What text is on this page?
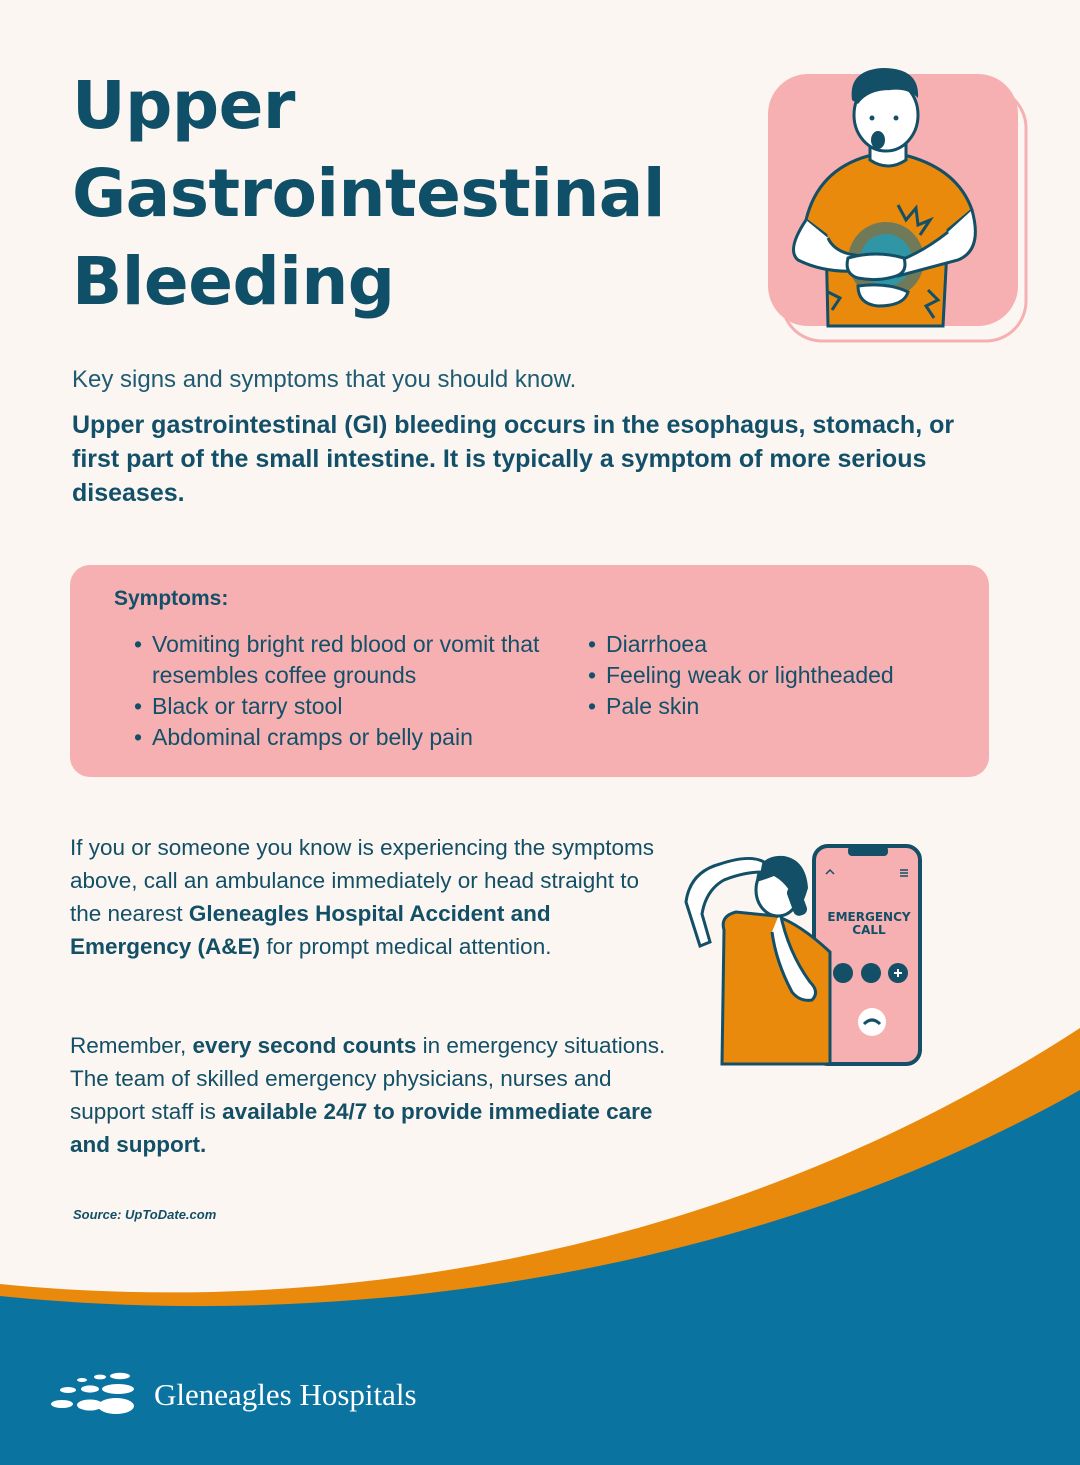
Upper
Gastrointestinal
Bleeding

Key signs and symptoms that you should know.

Upper gastrointestinal (GI) bleeding occurs in the esophagus, stomach, or first part of the small intestine. It is typically a symptom of more serious diseases.

Symptoms:
• Vomiting bright red blood or vomit that resembles coffee grounds
• Black or tarry stool
• Abdominal cramps or belly pain
• Diarrhoea
• Feeling weak or lightheaded
• Pale skin

If you or someone you know is experiencing the symptoms above, call an ambulance immediately or head straight to the nearest Gleneagles Hospital Accident and Emergency (A&E) for prompt medical attention.

Remember, every second counts in emergency situations. The team of skilled emergency physicians, nurses and support staff is available 24/7 to provide immediate care and support.

Source: UpToDate.com

EMERGENCY
CALL
Gleneagles Hospitals
